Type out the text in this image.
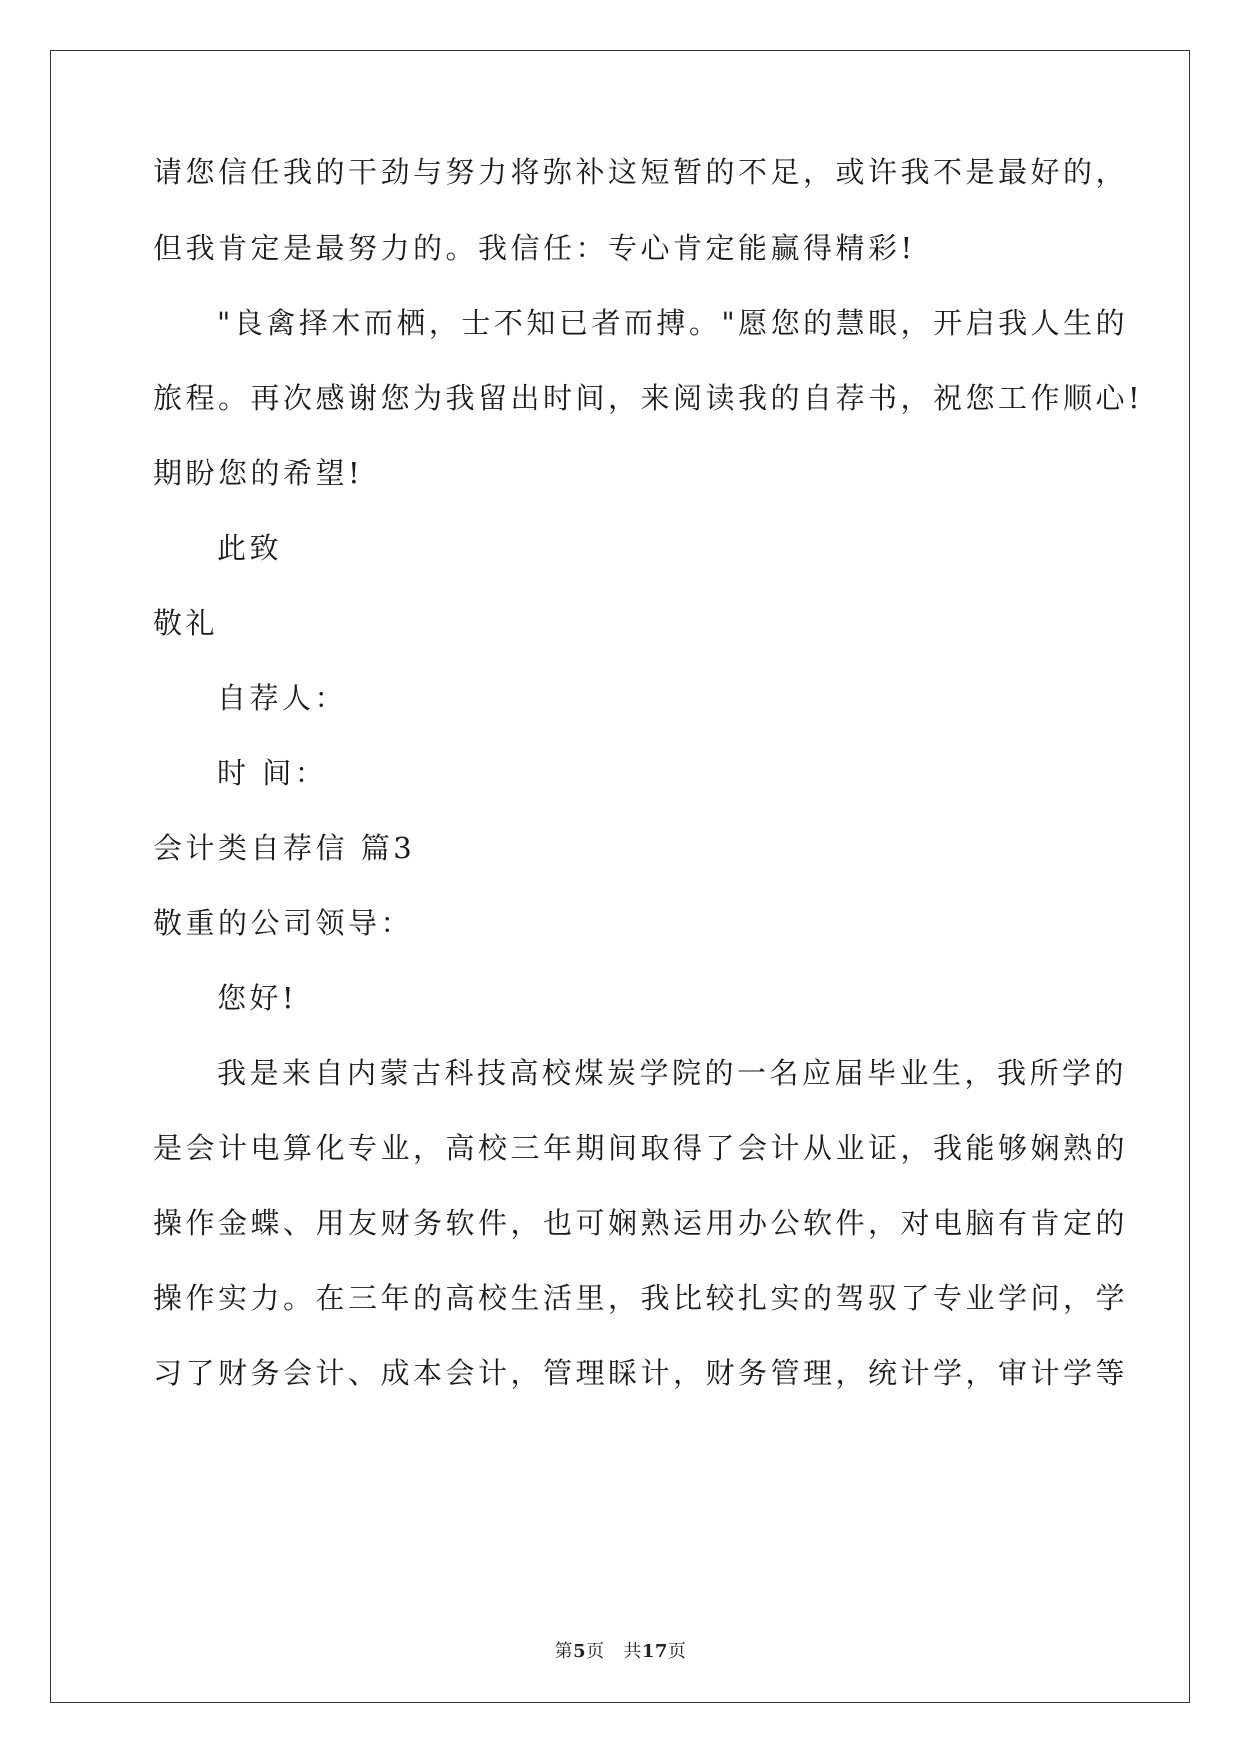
请您信任我的干劲与努力将弥补这短暂的不足，或许我不是最好的，
但我肯定是最努力的。我信任：专心肯定能赢得精彩!
"良禽择木而栖，士不知已者而搏。"愿您的慧眼，开启我人生的
旅程。再次感谢您为我留出时间，来阅读我的自荐书，祝您工作顺心!
期盼您的希望!
此致
敬礼
自荐人：
时 间：
会计类自荐信 篇3
敬重的公司领导：
您好!
我是来自内蒙古科技高校煤炭学院的一名应届毕业生，我所学的
是会计电算化专业，高校三年期间取得了会计从业证，我能够娴熟的
操作金蝶、用友财务软件，也可娴熟运用办公软件，对电脑有肯定的
操作实力。在三年的高校生活里，我比较扎实的驾驭了专业学问，学
习了财务会计、成本会计，管理睬计，财务管理，统计学，审计学等
第5页 共17页
